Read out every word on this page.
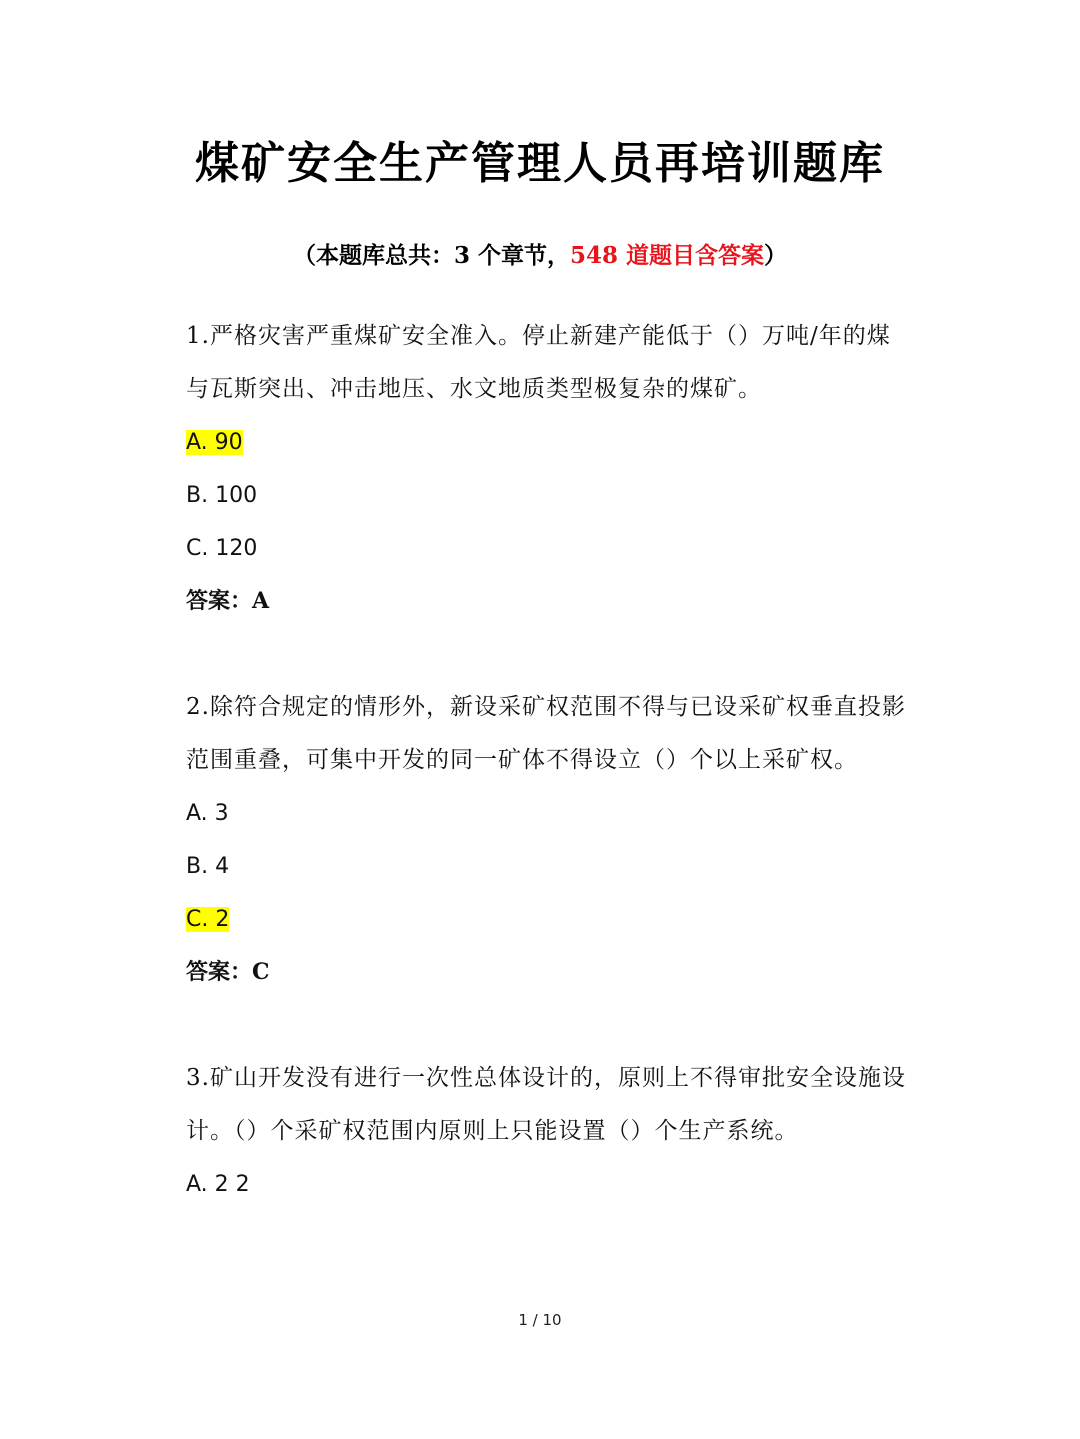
煤矿安全生产管理人员再培训题库
（本题库总共：3 个章节，548 道题目含答案）

1.严格灾害严重煤矿安全准入。停止新建产能低于（）万吨/年的煤与瓦斯突出、冲击地压、水文地质类型极复杂的煤矿。

A. 90
B. 100
C. 120

答案：A

2.除符合规定的情形外，新设采矿权范围不得与已设采矿权垂直投影范围重叠，可集中开发的同一矿体不得设立（）个以上采矿权。

A. 3
B. 4
C. 2

答案：C

3.矿山开发没有进行一次性总体设计的，原则上不得审批安全设施设计。（）个采矿权范围内原则上只能设置（）个生产系统。

A. 2 2
1 / 10
